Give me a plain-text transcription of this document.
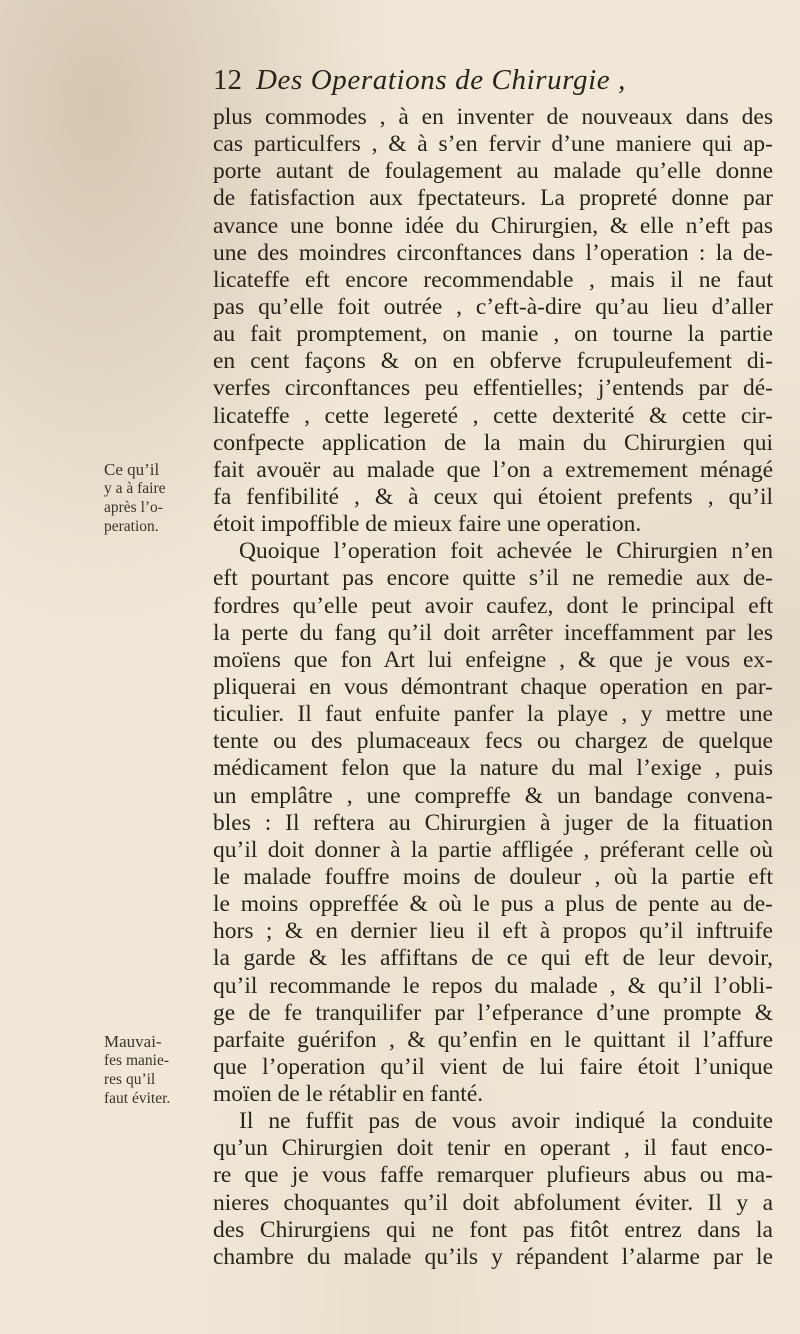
12 Des Operations de Chirurgie ,
Ce qu’il
y a à faire
après l’o-
peration.
Mauvai-
fes manie-
res qu’il
faut éviter.
plus commodes , à en inventer de nouveaux dans des
cas particulfers , & à s’en fervir d’une maniere qui ap-
porte autant de foulagement au malade qu’elle donne
de fatisfaction aux fpectateurs. La propreté donne par
avance une bonne idée du Chirurgien, & elle n’eft pas
une des moindres circonftances dans l’operation : la de-
licateffe eft encore recommendable , mais il ne faut
pas qu’elle foit outrée , c’eft-à-dire qu’au lieu d’aller
au fait promptement, on manie , on tourne la partie
en cent façons & on en obferve fcrupuleufement di-
verfes circonftances peu effentielles; j’entends par dé-
licateffe , cette legereté , cette dexterité & cette cir-
confpecte application de la main du Chirurgien qui
fait avouër au malade que l’on a extremement ménagé
fa fenfibilité , & à ceux qui étoient prefents , qu’il
étoit impoffible de mieux faire une operation.
Quoique l’operation foit achevée le Chirurgien n’en
eft pourtant pas encore quitte s’il ne remedie aux de-
fordres qu’elle peut avoir caufez, dont le principal eft
la perte du fang qu’il doit arrêter inceffamment par les
moïens que fon Art lui enfeigne , & que je vous ex-
pliquerai en vous démontrant chaque operation en par-
ticulier. Il faut enfuite panfer la playe , y mettre une
tente ou des plumaceaux fecs ou chargez de quelque
médicament felon que la nature du mal l’exige , puis
un emplâtre , une compreffe & un bandage convena-
bles : Il reftera au Chirurgien à juger de la fituation
qu’il doit donner à la partie affligée , préferant celle où
le malade fouffre moins de douleur , où la partie eft
le moins oppreffée & où le pus a plus de pente au de-
hors ; & en dernier lieu il eft à propos qu’il inftruife
la garde & les affiftans de ce qui eft de leur devoir,
qu’il recommande le repos du malade , & qu’il l’obli-
ge de fe tranquilifer par l’efperance d’une prompte &
parfaite guérifon , & qu’enfin en le quittant il l’affure
que l’operation qu’il vient de lui faire étoit l’unique
moïen de le rétablir en fanté.
Il ne fuffit pas de vous avoir indiqué la conduite
qu’un Chirurgien doit tenir en operant , il faut enco-
re que je vous faffe remarquer plufieurs abus ou ma-
nieres choquantes qu’il doit abfolument éviter. Il y a
des Chirurgiens qui ne font pas fitôt entrez dans la
chambre du malade qu’ils y répandent l’alarme par le
